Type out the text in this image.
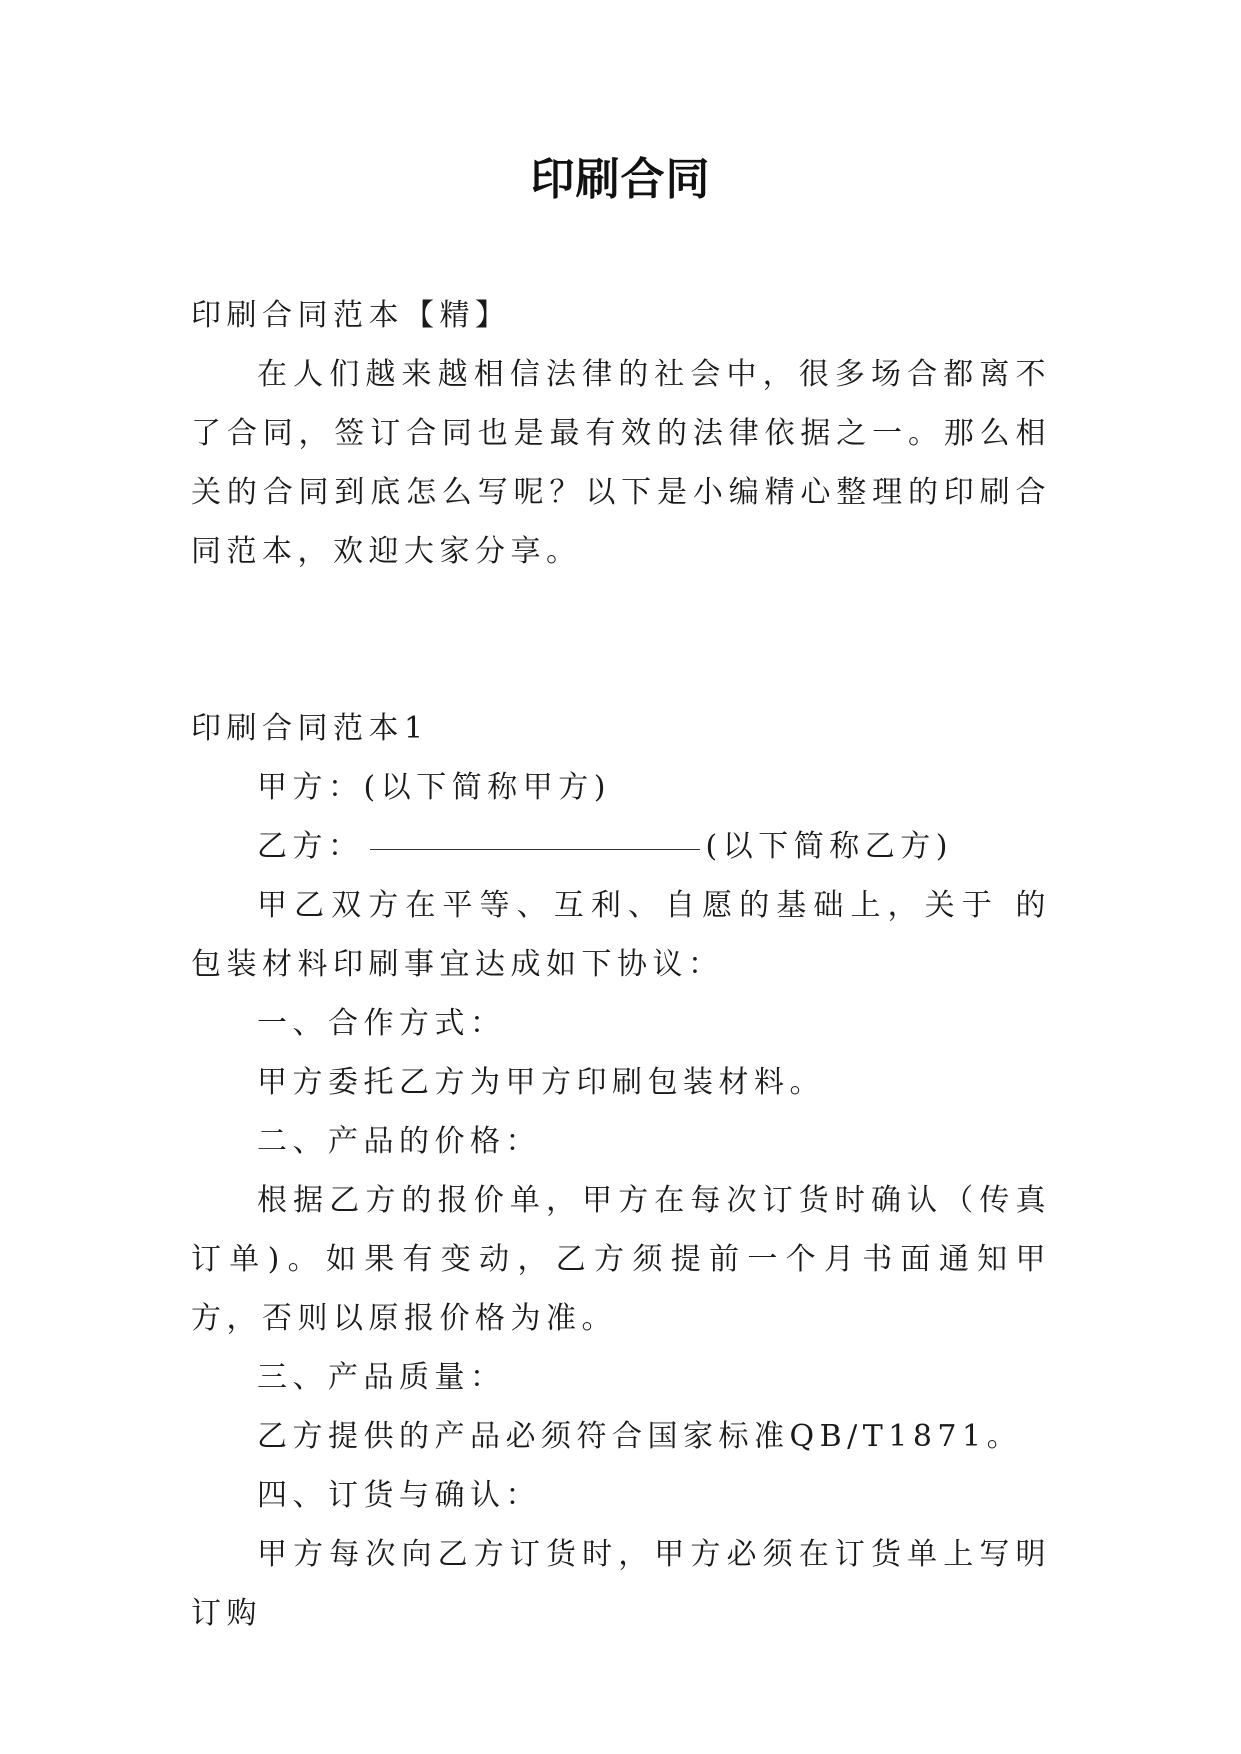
印刷合同

印刷合同范本【精】

在人们越来越相信法律的社会中，很多场合都离不了合同，签订合同也是最有效的法律依据之一。那么相关的合同到底怎么写呢？以下是小编精心整理的印刷合同范本，欢迎大家分享。

印刷合同范本1

甲方：(以下简称甲方)

乙方：	(以下简称乙方)

甲乙双方在平等、互利、自愿的基础上，关于 的包装材料印刷事宜达成如下协议：

一、合作方式：

甲方委托乙方为甲方印刷包装材料。

二、产品的价格：

根据乙方的报价单，甲方在每次订货时确认（传真订单)。如果有变动，乙方须提前一个月书面通知甲方，否则以原报价格为准。

三、产品质量：

乙方提供的产品必须符合国家标准QB/T1871。

四、订货与确认：

甲方每次向乙方订货时，甲方必须在订货单上写明订购
